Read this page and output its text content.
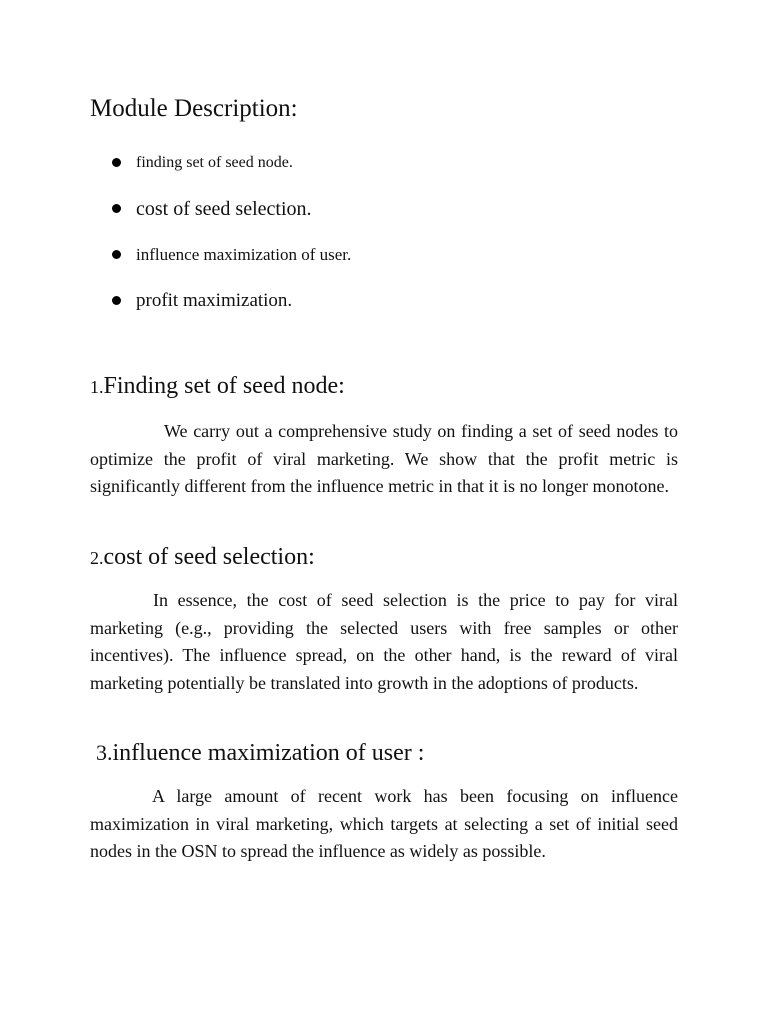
Module Description:
finding set of seed node.
cost of seed selection.
influence maximization of user.
profit maximization.
1.Finding set of seed node:

We carry out a comprehensive study on finding a set of seed nodes to optimize the profit of viral marketing. We show that the profit metric is significantly different from the influence metric in that it is no longer monotone.

2.cost of seed selection:

In essence, the cost of seed selection is the price to pay for viral marketing (e.g., providing the selected users with free samples or other incentives). The influence spread, on the other hand, is the reward of viral marketing potentially be translated into growth in the adoptions of products.

3.influence maximization of user :

A large amount of recent work has been focusing on influence maximization in viral marketing, which targets at selecting a set of initial seed nodes in the OSN to spread the influence as widely as possible.
